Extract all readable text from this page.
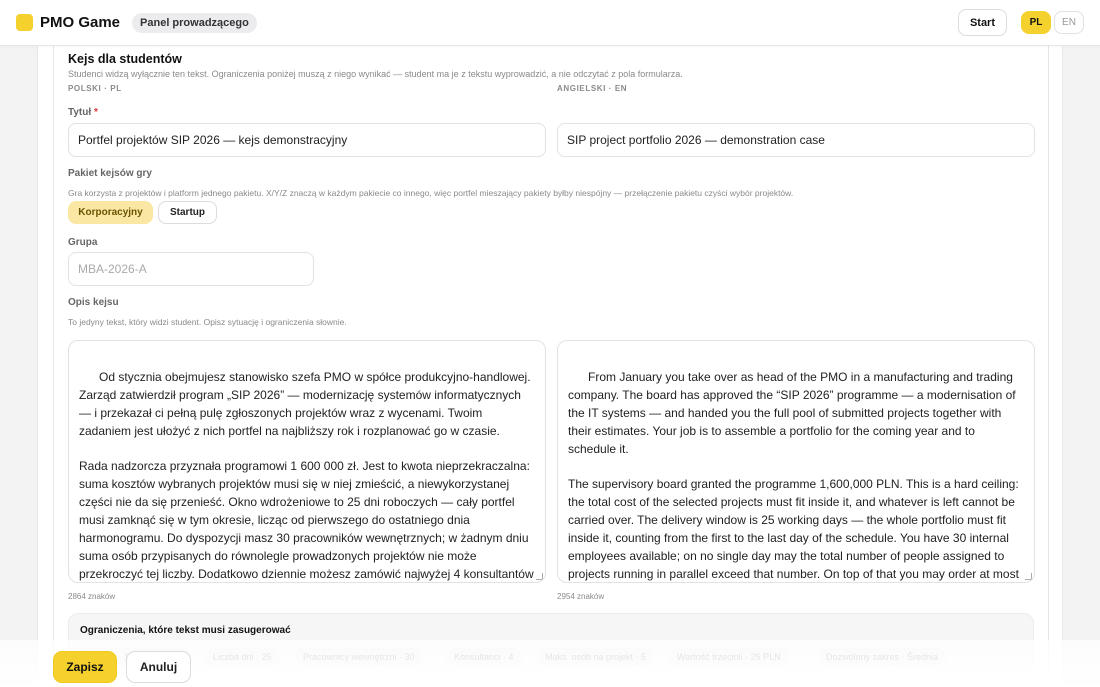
PMO Game	Panel prowadzącego	Start	PL	EN
Kejs dla studentów
Studenci widzą wyłącznie ten tekst. Ograniczenia poniżej muszą z niego wynikać — student ma je z tekstu wyprowadzić, a nie odczytać z pola formularza.
POLSKI · PL	ANGIELSKI · EN
Tytuł *
Portfel projektów SIP 2026 — kejs demonstracyjny
SIP project portfolio 2026 — demonstration case
Pakiet kejsów gry
Gra korzysta z projektów i platform jednego pakietu. X/Y/Z znaczą w każdym pakiecie co innego, więc portfel mieszający pakiety byłby niespójny — przełączenie pakietu czyści wybór projektów.
Korporacyjny	Startup
Grupa
MBA-2026-A
Opis kejsu
To jedyny tekst, który widzi student. Opisz sytuację i ograniczenia słownie.

Od stycznia obejmujesz stanowisko szefa PMO w spółce produkcyjno-handlowej. Zarząd zatwierdził program „SIP 2026” — modernizację systemów informatycznych — i przekazał ci pełną pulę zgłoszonych projektów wraz z wycenami. Twoim zadaniem jest ułożyć z nich portfel na najbliższy rok i rozplanować go w czasie.

Rada nadzorcza przyznała programowi 1 600 000 zł. Jest to kwota nieprzekraczalna: suma kosztów wybranych projektów musi się w niej zmieścić, a niewykorzystanej części nie da się przenieść. Okno wdrożeniowe to 25 dni roboczych — cały portfel musi zamknąć się w tym okresie, licząc od pierwszego do ostatniego dnia harmonogramu. Do dyspozycji masz 30 pracowników wewnętrznych; w żadnym dniu suma osób przypisanych do równolegle prowadzonych projektów nie może przekroczyć tej liczby. Dodatkowo dziennie możesz zamówić najwyżej 4 konsultantów

From January you take over as head of the PMO in a manufacturing and trading company. The board has approved the “SIP 2026” programme — a modernisation of the IT systems — and handed you the full pool of submitted projects together with their estimates. Your job is to assemble a portfolio for the coming year and to schedule it.

The supervisory board granted the programme 1,600,000 PLN. This is a hard ceiling: the total cost of the selected projects must fit inside it, and whatever is left cannot be carried over. The delivery window is 25 working days — the whole portfolio must fit inside it, counting from the first to the last day of the schedule. You have 30 internal employees available; on no single day may the total number of people assigned to projects running in parallel exceed that number. On top of that you may order at most

2864 znaków	2954 znaków
Ograniczenia, które tekst musi zasugerować
Zapisz	Anuluj
